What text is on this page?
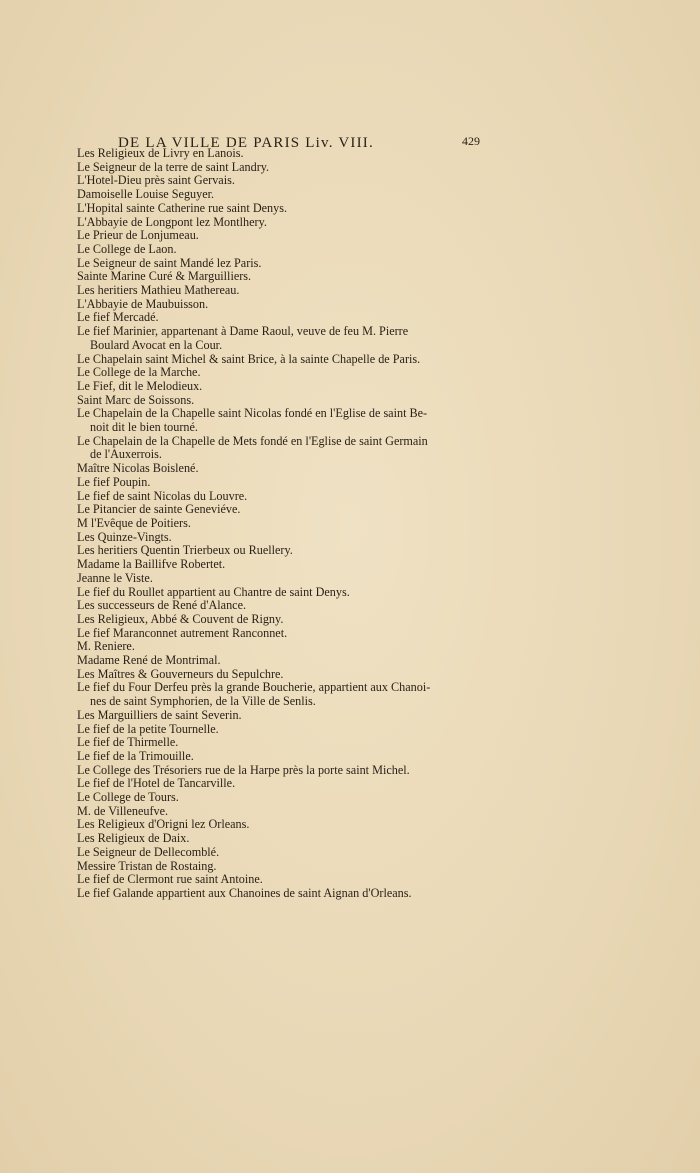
DE LA VILLE DE PARIS Liv. VIII.	429
Les Religieux de Livry en Lanois.
Le Seigneur de la terre de saint Landry.
L'Hotel-Dieu près saint Gervais.
Damoiselle Louise Seguyer.
L'Hopital sainte Catherine rue saint Denys.
L'Abbayie de Longpont lez Montlhery.
Le Prieur de Lonjumeau.
Le College de Laon.
Le Seigneur de saint Mandé lez Paris.
Sainte Marine Curé & Marguilliers.
Les heritiers Mathieu Mathereau.
L'Abbayie de Maubuisson.
Le fief Mercadé.
Le fief Marinier, appartenant à Dame Raoul, veuve de feu M. Pierre
Boulard Avocat en la Cour.
Le Chapelain saint Michel & saint Brice, à la sainte Chapelle de Paris.
Le College de la Marche.
Le Fief, dit le Melodieux.
Saint Marc de Soissons.
Le Chapelain de la Chapelle saint Nicolas fondé en l'Eglise de saint Be-
noit dit le bien tourné.
Le Chapelain de la Chapelle de Mets fondé en l'Eglise de saint Germain
de l'Auxerrois.
Maître Nicolas Boislené.
Le fief Poupin.
Le fief de saint Nicolas du Louvre.
Le Pitancier de sainte Geneviéve.
M l'Evêque de Poitiers.
Les Quinze-Vingts.
Les heritiers Quentin Trierbeux ou Ruellery.
Madame la Baillifve Robertet.
Jeanne le Viste.
Le fief du Roullet appartient au Chantre de saint Denys.
Les successeurs de René d'Alance.
Les Religieux, Abbé & Couvent de Rigny.
Le fief Maranconnet autrement Ranconnet.
M. Reniere.
Madame René de Montrimal.
Les Maîtres & Gouverneurs du Sepulchre.
Le fief du Four Derfeu près la grande Boucherie, appartient aux Chanoi-
nes de saint Symphorien, de la Ville de Senlis.
Les Marguilliers de saint Severin.
Le fief de la petite Tournelle.
Le fief de Thirmelle.
Le fief de la Trimouille.
Le College des Trésoriers rue de la Harpe près la porte saint Michel.
Le fief de l'Hotel de Tancarville.
Le College de Tours.
M. de Villeneufve.
Les Religieux d'Origni lez Orleans.
Les Religieux de Daix.
Le Seigneur de Dellecomblé.
Messire Tristan de Rostaing.
Le fief de Clermont rue saint Antoine.
Le fief Galande appartient aux Chanoines de saint Aignan d'Orleans.
